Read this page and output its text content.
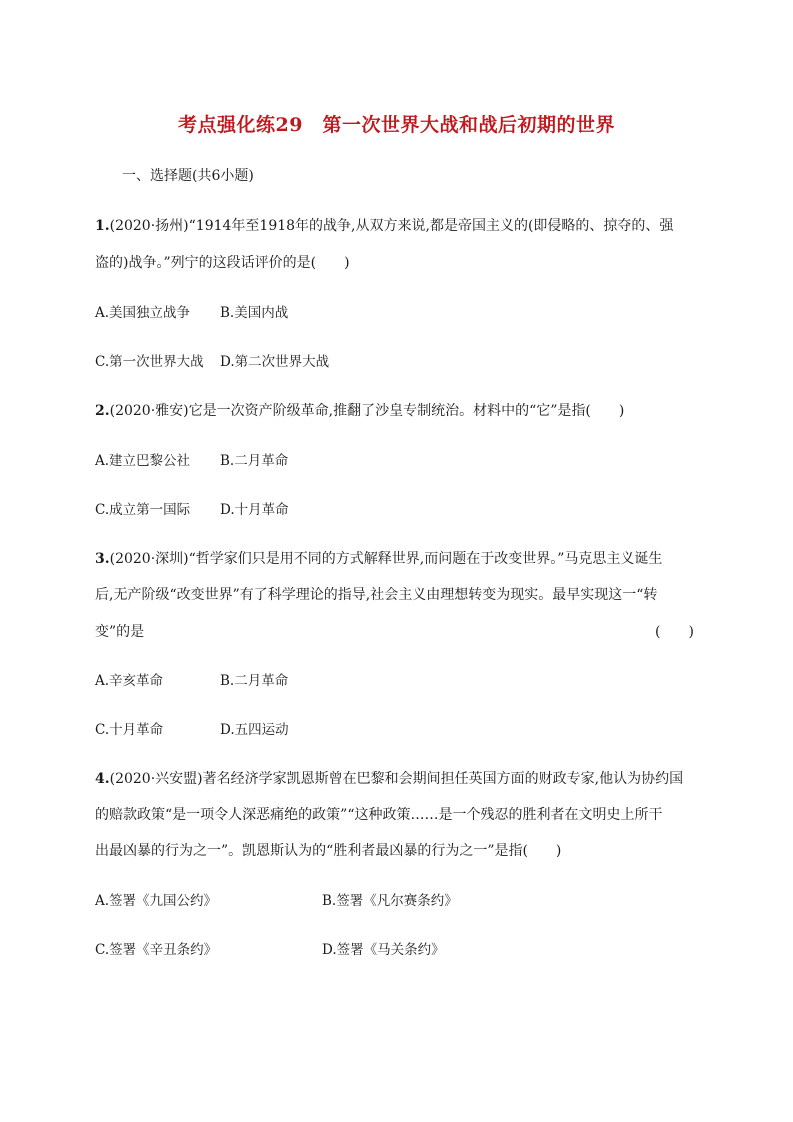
考点强化练29　第一次世界大战和战后初期的世界
一、选择题(共6小题)
1.(2020·扬州)“1914年至1918年的战争,从双方来说,都是帝国主义的(即侵略的、掠夺的、强
盗的)战争。”列宁的这段话评价的是(　　)
A.美国独立战争 B.美国内战
C.第一次世界大战 D.第二次世界大战
2.(2020·雅安)它是一次资产阶级革命,推翻了沙皇专制统治。材料中的“它”是指(　　)
A.建立巴黎公社 B.二月革命
C.成立第一国际 D.十月革命
3.(2020·深圳)“哲学家们只是用不同的方式解释世界,而问题在于改变世界。”马克思主义诞生
后,无产阶级“改变世界”有了科学理论的指导,社会主义由理想转变为现实。最早实现这一“转
变”的是	(　　)
A.辛亥革命	B.二月革命
C.十月革命	D.五四运动
4.(2020·兴安盟)著名经济学家凯恩斯曾在巴黎和会期间担任英国方面的财政专家,他认为协约国
的赔款政策“是一项令人深恶痛绝的政策”“这种政策……是一个残忍的胜利者在文明史上所干
出最凶暴的行为之一”。凯恩斯认为的“胜利者最凶暴的行为之一”是指(　　)
A.签署《九国公约》	B.签署《凡尔赛条约》
C.签署《辛丑条约》	D.签署《马关条约》
